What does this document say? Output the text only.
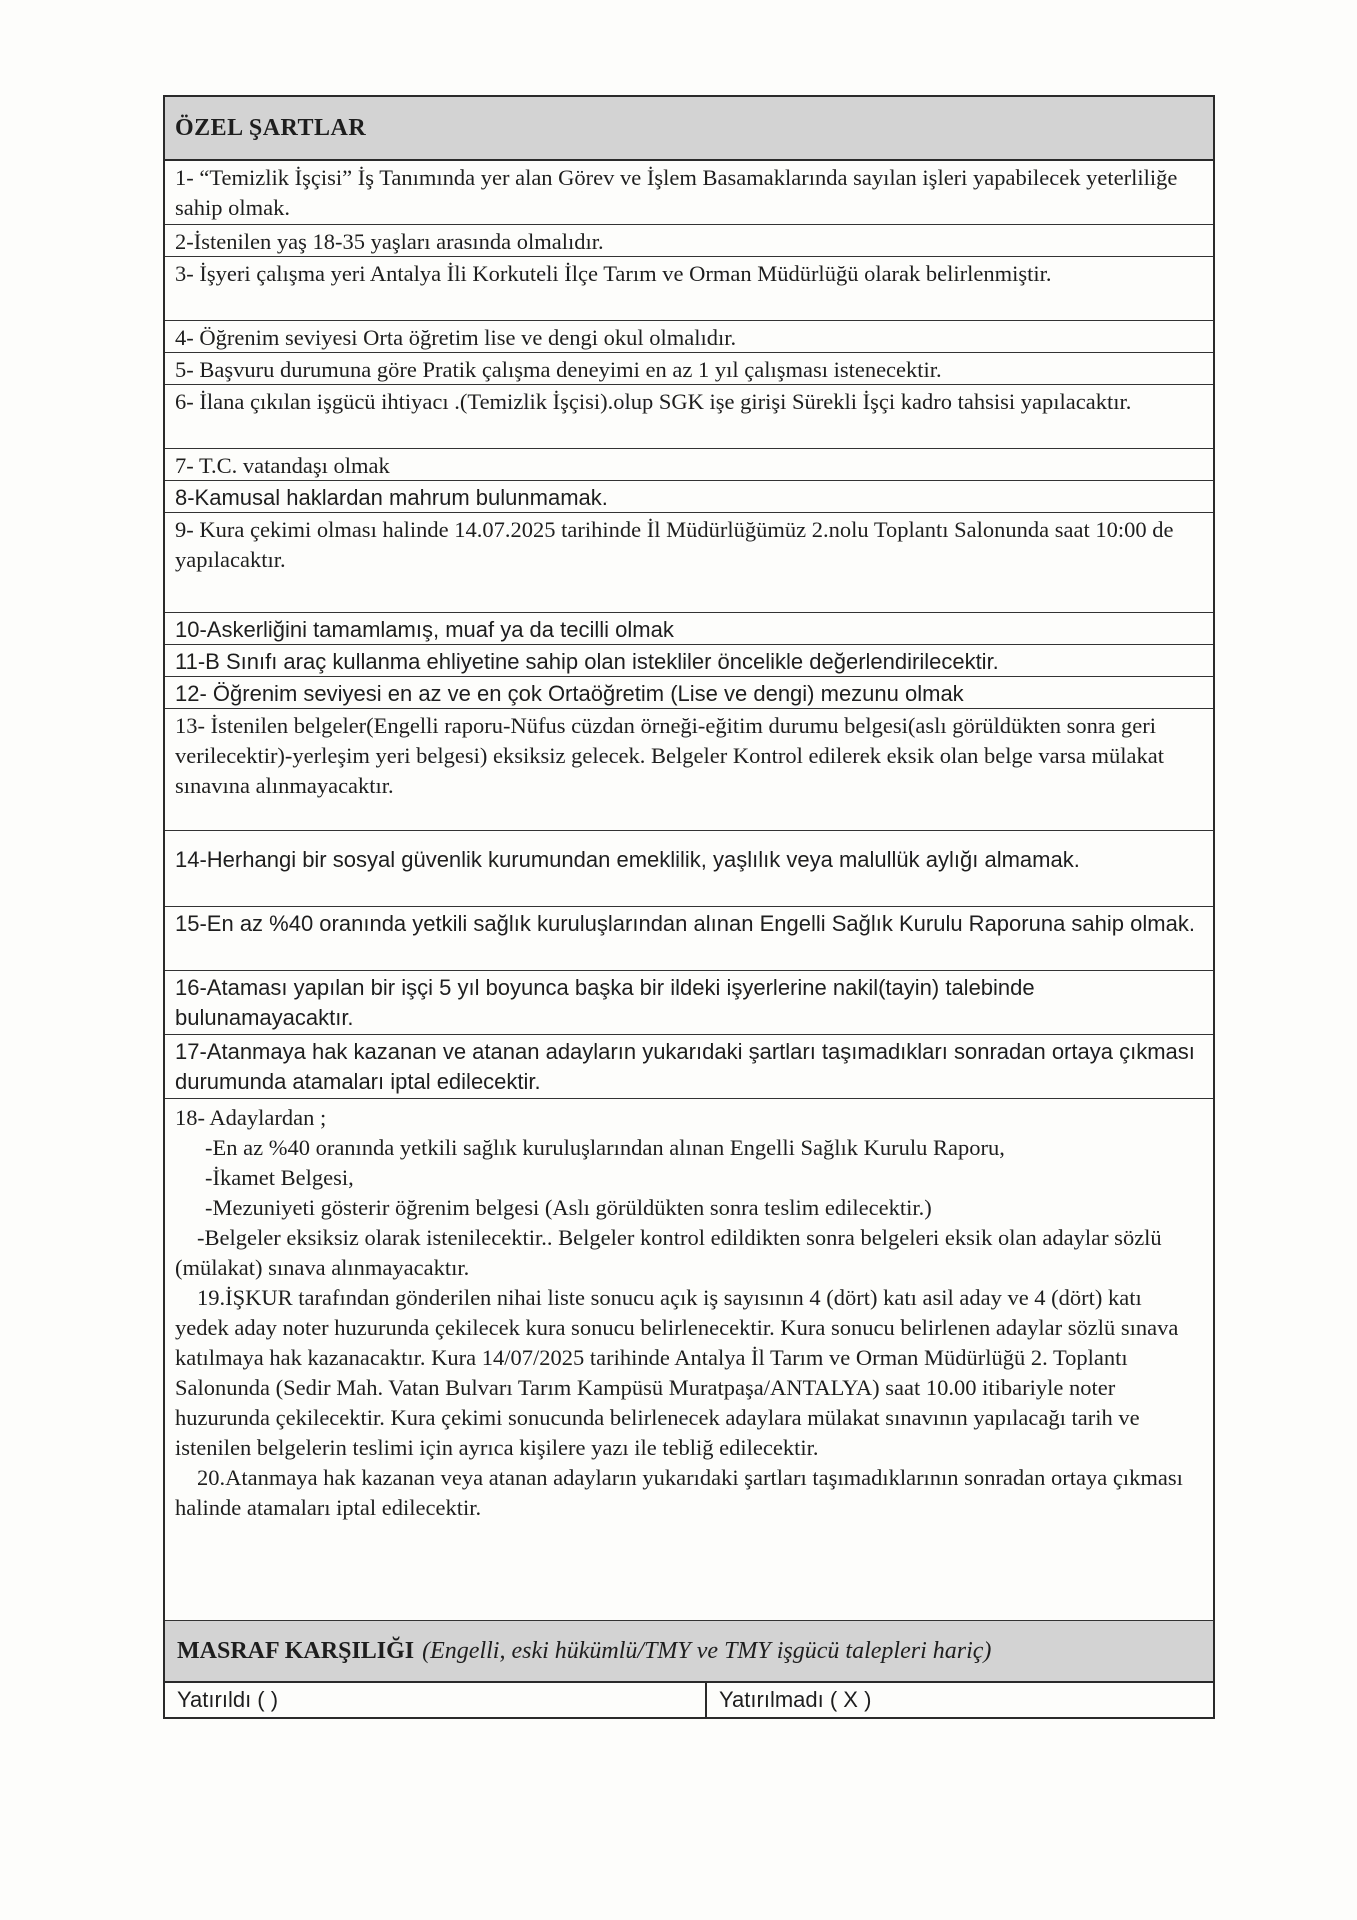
ÖZEL ŞARTLAR
1- “Temizlik İşçisi” İş Tanımında yer alan Görev ve İşlem Basamaklarında sayılan işleri yapabilecek yeterliliğe sahip olmak.
2-İstenilen yaş 18-35 yaşları arasında olmalıdır.
3- İşyeri çalışma yeri Antalya İli Korkuteli İlçe Tarım ve Orman Müdürlüğü olarak belirlenmiştir.
4- Öğrenim seviyesi Orta öğretim lise ve dengi okul olmalıdır.
5- Başvuru durumuna göre Pratik çalışma deneyimi en az 1 yıl çalışması istenecektir.
6- İlana çıkılan işgücü ihtiyacı .(Temizlik İşçisi).olup SGK işe girişi Sürekli İşçi kadro tahsisi yapılacaktır.
7- T.C. vatandaşı olmak
8-Kamusal haklardan mahrum bulunmamak.
9- Kura çekimi olması halinde 14.07.2025 tarihinde İl Müdürlüğümüz 2.nolu Toplantı Salonunda saat 10:00 de yapılacaktır.
10-Askerliğini tamamlamış, muaf ya da tecilli olmak
11-B Sınıfı araç kullanma ehliyetine sahip olan istekliler öncelikle değerlendirilecektir.
12- Öğrenim seviyesi en az ve en çok Ortaöğretim (Lise ve dengi) mezunu olmak
13- İstenilen belgeler(Engelli raporu-Nüfus cüzdan örneği-eğitim durumu belgesi(aslı görüldükten sonra geri verilecektir)-yerleşim yeri belgesi) eksiksiz gelecek. Belgeler Kontrol edilerek eksik olan belge varsa mülakat sınavına alınmayacaktır.
14-Herhangi bir sosyal güvenlik kurumundan emeklilik, yaşlılık veya malullük aylığı almamak.
15-En az %40 oranında yetkili sağlık kuruluşlarından alınan Engelli Sağlık Kurulu Raporuna sahip olmak.
16-Ataması yapılan bir işçi 5 yıl boyunca başka bir ildeki işyerlerine nakil(tayin) talebinde bulunamayacaktır.
17-Atanmaya hak kazanan ve atanan adayların yukarıdaki şartları taşımadıkları sonradan ortaya çıkması durumunda atamaları iptal edilecektir.
18- Adaylardan ;
-En az %40 oranında yetkili sağlık kuruluşlarından alınan Engelli Sağlık Kurulu Raporu,
-İkamet Belgesi,
-Mezuniyeti gösterir öğrenim belgesi (Aslı görüldükten sonra teslim edilecektir.)
-Belgeler eksiksiz olarak istenilecektir.. Belgeler kontrol edildikten sonra belgeleri eksik olan adaylar sözlü (mülakat) sınava alınmayacaktır.
19.İŞKUR tarafından gönderilen nihai liste sonucu açık iş sayısının 4 (dört) katı asil aday ve 4 (dört) katı yedek aday noter huzurunda çekilecek kura sonucu belirlenecektir. Kura sonucu belirlenen adaylar sözlü sınava katılmaya hak kazanacaktır. Kura 14/07/2025 tarihinde Antalya İl Tarım ve Orman Müdürlüğü 2. Toplantı Salonunda (Sedir Mah. Vatan Bulvarı Tarım Kampüsü Muratpaşa/ANTALYA) saat 10.00 itibariyle noter huzurunda çekilecektir. Kura çekimi sonucunda belirlenecek adaylara mülakat sınavının yapılacağı tarih ve istenilen belgelerin teslimi için ayrıca kişilere yazı ile tebliğ edilecektir.
20.Atanmaya hak kazanan veya atanan adayların yukarıdaki şartları taşımadıklarının sonradan ortaya çıkması halinde atamaları iptal edilecektir.
MASRAF KARŞILIĞI (Engelli, eski hükümlü/TMY ve TMY işgücü talepleri hariç)
Yatırıldı ( )	Yatırılmadı ( X )
